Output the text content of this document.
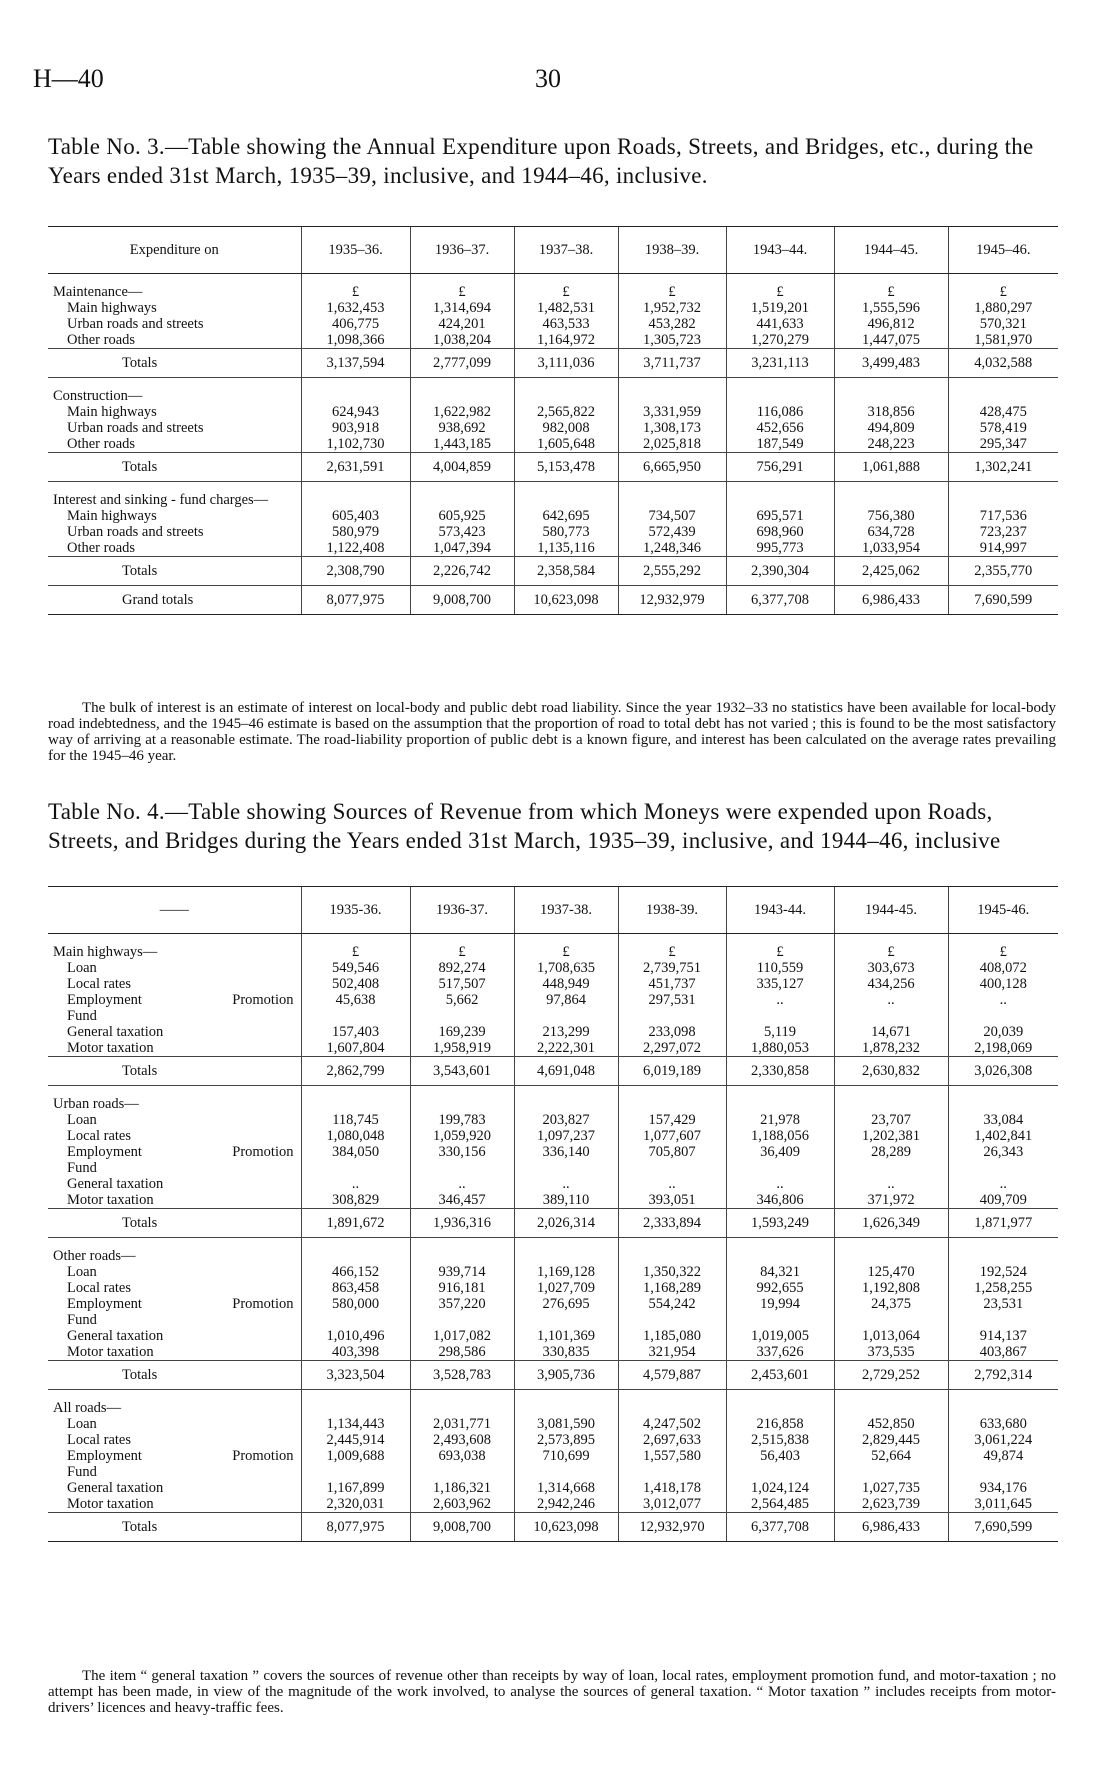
H—40	30
Table No. 3.—Table showing the Annual Expenditure upon Roads, Streets, and Bridges, etc., during the Years ended 31st March, 1935–39, inclusive, and 1944–46, inclusive.
Expenditure on	1935–36.	1936–37.	1937–38.	1938–39.	1943–44.	1944–45.	1945–46.
Maintenance—	£	£	£	£	£	£	£

Main highways	1,632,453	1,314,694	1,482,531	1,952,732	1,519,201	1,555,596	1,880,297

Urban roads and streets	406,775	424,201	463,533	453,282	441,633	496,812	570,321

Other roads	1,098,366	1,038,204	1,164,972	1,305,723	1,270,279	1,447,075	1,581,970
Totals	3,137,594	2,777,099	3,111,036	3,711,737	3,231,113	3,499,483	4,032,588
Construction—							

Main highways	624,943	1,622,982	2,565,822	3,331,959	116,086	318,856	428,475

Urban roads and streets	903,918	938,692	982,008	1,308,173	452,656	494,809	578,419

Other roads	1,102,730	1,443,185	1,605,648	2,025,818	187,549	248,223	295,347
Totals	2,631,591	4,004,859	5,153,478	6,665,950	756,291	1,061,888	1,302,241
Interest and sinking - fund charges—							

Main highways	605,403	605,925	642,695	734,507	695,571	756,380	717,536

Urban roads and streets	580,979	573,423	580,773	572,439	698,960	634,728	723,237

Other roads	1,122,408	1,047,394	1,135,116	1,248,346	995,773	1,033,954	914,997
Totals	2,308,790	2,226,742	2,358,584	2,555,292	2,390,304	2,425,062	2,355,770
Grand totals	8,077,975	9,008,700	10,623,098	12,932,979	6,377,708	6,986,433	7,690,599

The bulk of interest is an estimate of interest on local-body and public debt road liability. Since the year 1932–33 no statistics have been available for local-body road indebtedness, and the 1945–46 estimate is based on the assumption that the proportion of road to total debt has not varied ; this is found to be the most satisfactory way of arriving at a reasonable estimate. The road-liability proportion of public debt is a known figure, and interest has been calculated on the average rates prevailing for the 1945–46 year.

Table No. 4.—Table showing Sources of Revenue from which Moneys were expended upon Roads, Streets, and Bridges during the Years ended 31st March, 1935–39, inclusive, and 1944–46, inclusive
——	1935-36.	1936-37.	1937-38.	1938-39.	1943-44.	1944-45.	1945-46.
Main highways—	£	£	£	£	£	£	£

Loan	549,546	892,274	1,708,635	2,739,751	110,559	303,673	408,072

Local rates	502,408	517,507	448,949	451,737	335,127	434,256	400,128

Employment Promotion
Fund	45,638	5,662	97,864	297,531	..	..	..

General taxation	157,403	169,239	213,299	233,098	5,119	14,671	20,039

Motor taxation	1,607,804	1,958,919	2,222,301	2,297,072	1,880,053	1,878,232	2,198,069
Totals	2,862,799	3,543,601	4,691,048	6,019,189	2,330,858	2,630,832	3,026,308
Urban roads—							

Loan	118,745	199,783	203,827	157,429	21,978	23,707	33,084

Local rates	1,080,048	1,059,920	1,097,237	1,077,607	1,188,056	1,202,381	1,402,841

Employment Promotion
Fund	384,050	330,156	336,140	705,807	36,409	28,289	26,343

General taxation	..	..	..	..	..	..	..

Motor taxation	308,829	346,457	389,110	393,051	346,806	371,972	409,709
Totals	1,891,672	1,936,316	2,026,314	2,333,894	1,593,249	1,626,349	1,871,977
Other roads—							

Loan	466,152	939,714	1,169,128	1,350,322	84,321	125,470	192,524

Local rates	863,458	916,181	1,027,709	1,168,289	992,655	1,192,808	1,258,255

Employment Promotion
Fund	580,000	357,220	276,695	554,242	19,994	24,375	23,531

General taxation	1,010,496	1,017,082	1,101,369	1,185,080	1,019,005	1,013,064	914,137

Motor taxation	403,398	298,586	330,835	321,954	337,626	373,535	403,867
Totals	3,323,504	3,528,783	3,905,736	4,579,887	2,453,601	2,729,252	2,792,314
All roads—							

Loan	1,134,443	2,031,771	3,081,590	4,247,502	216,858	452,850	633,680

Local rates	2,445,914	2,493,608	2,573,895	2,697,633	2,515,838	2,829,445	3,061,224

Employment Promotion
Fund	1,009,688	693,038	710,699	1,557,580	56,403	52,664	49,874

General taxation	1,167,899	1,186,321	1,314,668	1,418,178	1,024,124	1,027,735	934,176

Motor taxation	2,320,031	2,603,962	2,942,246	3,012,077	2,564,485	2,623,739	3,011,645
Totals	8,077,975	9,008,700	10,623,098	12,932,970	6,377,708	6,986,433	7,690,599

The item “ general taxation ” covers the sources of revenue other than receipts by way of loan, local rates, employment promotion fund, and motor-taxation ; no attempt has been made, in view of the magnitude of the work involved, to analyse the sources of general taxation. “ Motor taxation ” includes receipts from motor-drivers’ licences and heavy-traffic fees.
